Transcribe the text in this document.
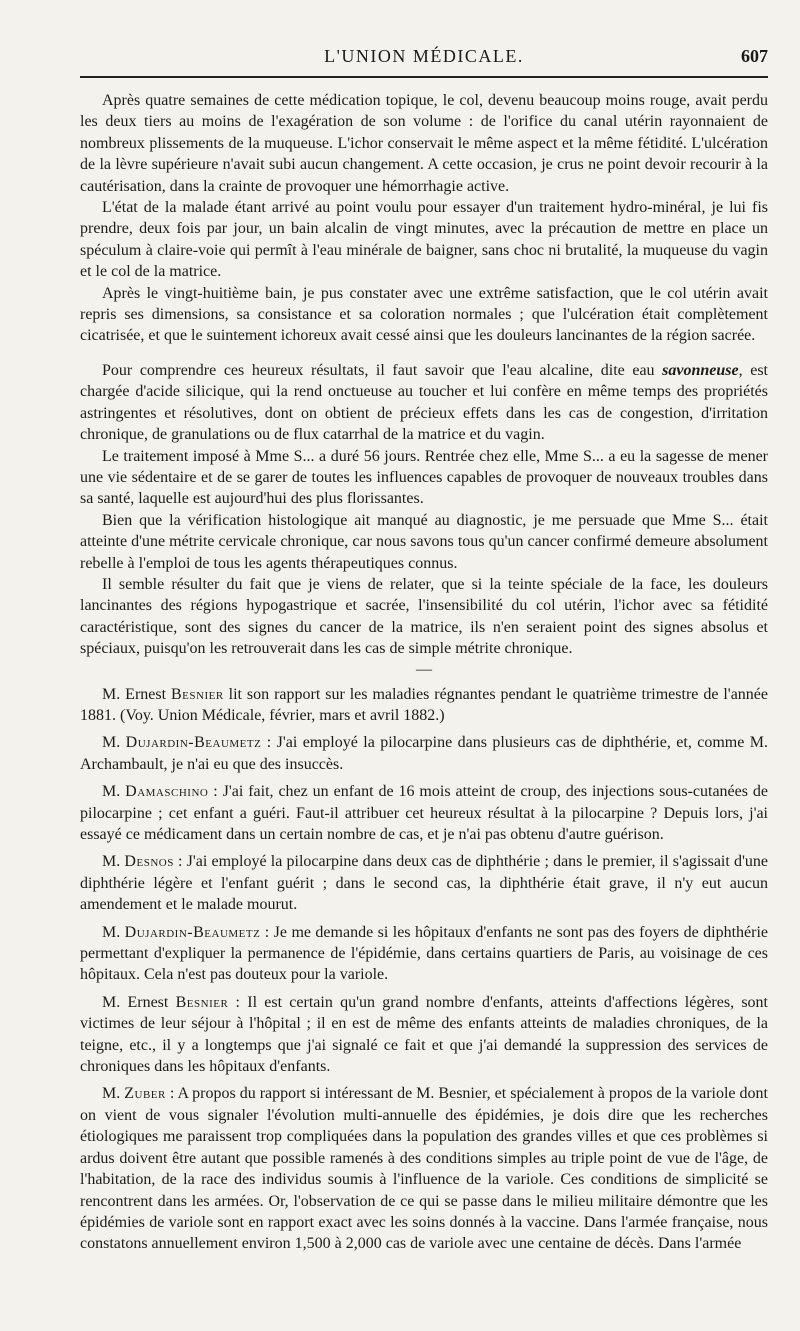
L'UNION MÉDICALE.	607

Après quatre semaines de cette médication topique, le col, devenu beaucoup moins rouge, avait perdu les deux tiers au moins de l'exagération de son volume : de l'orifice du canal utérin rayonnaient de nombreux plissements de la muqueuse. L'ichor conservait le même aspect et la même fétidité. L'ulcération de la lèvre supérieure n'avait subi aucun changement. A cette occasion, je crus ne point devoir recourir à la cautérisation, dans la crainte de provoquer une hémorrhagie active.

L'état de la malade étant arrivé au point voulu pour essayer d'un traitement hydro-minéral, je lui fis prendre, deux fois par jour, un bain alcalin de vingt minutes, avec la précaution de mettre en place un spéculum à claire-voie qui permît à l'eau minérale de baigner, sans choc ni brutalité, la muqueuse du vagin et le col de la matrice.

Après le vingt-huitième bain, je pus constater avec une extrême satisfaction, que le col utérin avait repris ses dimensions, sa consistance et sa coloration normales ; que l'ulcération était complètement cicatrisée, et que le suintement ichoreux avait cessé ainsi que les douleurs lancinantes de la région sacrée.

Pour comprendre ces heureux résultats, il faut savoir que l'eau alcaline, dite eau savonneuse, est chargée d'acide silicique, qui la rend onctueuse au toucher et lui confère en même temps des propriétés astringentes et résolutives, dont on obtient de précieux effets dans les cas de congestion, d'irritation chronique, de granulations ou de flux catarrhal de la matrice et du vagin.

Le traitement imposé à Mme S... a duré 56 jours. Rentrée chez elle, Mme S... a eu la sagesse de mener une vie sédentaire et de se garer de toutes les influences capables de provoquer de nouveaux troubles dans sa santé, laquelle est aujourd'hui des plus florissantes.

Bien que la vérification histologique ait manqué au diagnostic, je me persuade que Mme S... était atteinte d'une métrite cervicale chronique, car nous savons tous qu'un cancer confirmé demeure absolument rebelle à l'emploi de tous les agents thérapeutiques connus.

Il semble résulter du fait que je viens de relater, que si la teinte spéciale de la face, les douleurs lancinantes des régions hypogastrique et sacrée, l'insensibilité du col utérin, l'ichor avec sa fétidité caractéristique, sont des signes du cancer de la matrice, ils n'en seraient point des signes absolus et spéciaux, puisqu'on les retrouverait dans les cas de simple métrite chronique.

—

M. Ernest Besnier lit son rapport sur les maladies régnantes pendant le quatrième trimestre de l'année 1881. (Voy. Union Médicale, février, mars et avril 1882.)

M. Dujardin-Beaumetz : J'ai employé la pilocarpine dans plusieurs cas de diphthérie, et, comme M. Archambault, je n'ai eu que des insuccès.

M. Damaschino : J'ai fait, chez un enfant de 16 mois atteint de croup, des injections sous-cutanées de pilocarpine ; cet enfant a guéri. Faut-il attribuer cet heureux résultat à la pilocarpine ? Depuis lors, j'ai essayé ce médicament dans un certain nombre de cas, et je n'ai pas obtenu d'autre guérison.

M. Desnos : J'ai employé la pilocarpine dans deux cas de diphthérie ; dans le premier, il s'agissait d'une diphthérie légère et l'enfant guérit ; dans le second cas, la diphthérie était grave, il n'y eut aucun amendement et le malade mourut.

M. Dujardin-Beaumetz : Je me demande si les hôpitaux d'enfants ne sont pas des foyers de diphthérie permettant d'expliquer la permanence de l'épidémie, dans certains quartiers de Paris, au voisinage de ces hôpitaux. Cela n'est pas douteux pour la variole.

M. Ernest Besnier : Il est certain qu'un grand nombre d'enfants, atteints d'affections légères, sont victimes de leur séjour à l'hôpital ; il en est de même des enfants atteints de maladies chroniques, de la teigne, etc., il y a longtemps que j'ai signalé ce fait et que j'ai demandé la suppression des services de chroniques dans les hôpitaux d'enfants.

M. Zuber : A propos du rapport si intéressant de M. Besnier, et spécialement à propos de la variole dont on vient de vous signaler l'évolution multi-annuelle des épidémies, je dois dire que les recherches étiologiques me paraissent trop compliquées dans la population des grandes villes et que ces problèmes si ardus doivent être autant que possible ramenés à des conditions simples au triple point de vue de l'âge, de l'habitation, de la race des individus soumis à l'influence de la variole. Ces conditions de simplicité se rencontrent dans les armées. Or, l'observation de ce qui se passe dans le milieu militaire démontre que les épidémies de variole sont en rapport exact avec les soins donnés à la vaccine. Dans l'armée française, nous constatons annuellement environ 1,500 à 2,000 cas de variole avec une centaine de décès. Dans l'armée
